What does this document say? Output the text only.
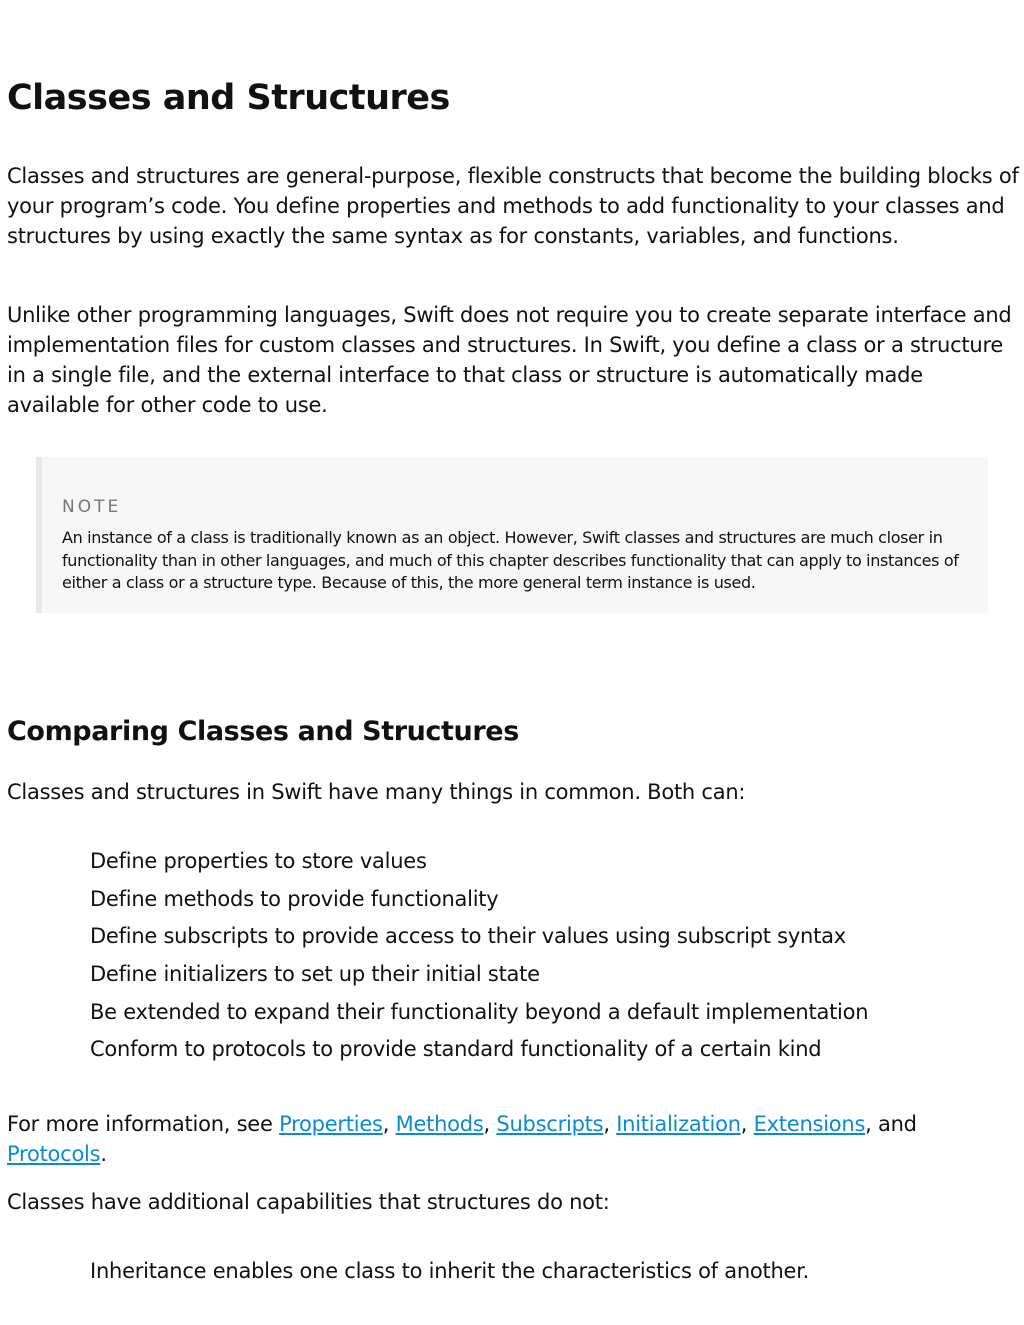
Classes and Structures

Classes and structures are general-purpose, flexible constructs that become the building blocks of your program’s code. You define properties and methods to add functionality to your classes and structures by using exactly the same syntax as for constants, variables, and functions.

Unlike other programming languages, Swift does not require you to create separate interface and implementation files for custom classes and structures. In Swift, you define a class or a structure in a single file, and the external interface to that class or structure is automatically made available for other code to use.

NOTE
An instance of a class is traditionally known as an object. However, Swift classes and structures are much closer in functionality than in other languages, and much of this chapter describes functionality that can apply to instances of either a class or a structure type. Because of this, the more general term instance is used.
Comparing Classes and Structures

Classes and structures in Swift have many things in common. Both can:

Define properties to store values
Define methods to provide functionality
Define subscripts to provide access to their values using subscript syntax
Define initializers to set up their initial state
Be extended to expand their functionality beyond a default implementation
Conform to protocols to provide standard functionality of a certain kind

For more information, see Properties, Methods, Subscripts, Initialization, Extensions, and Protocols.

Classes have additional capabilities that structures do not:

Inheritance enables one class to inherit the characteristics of another.
